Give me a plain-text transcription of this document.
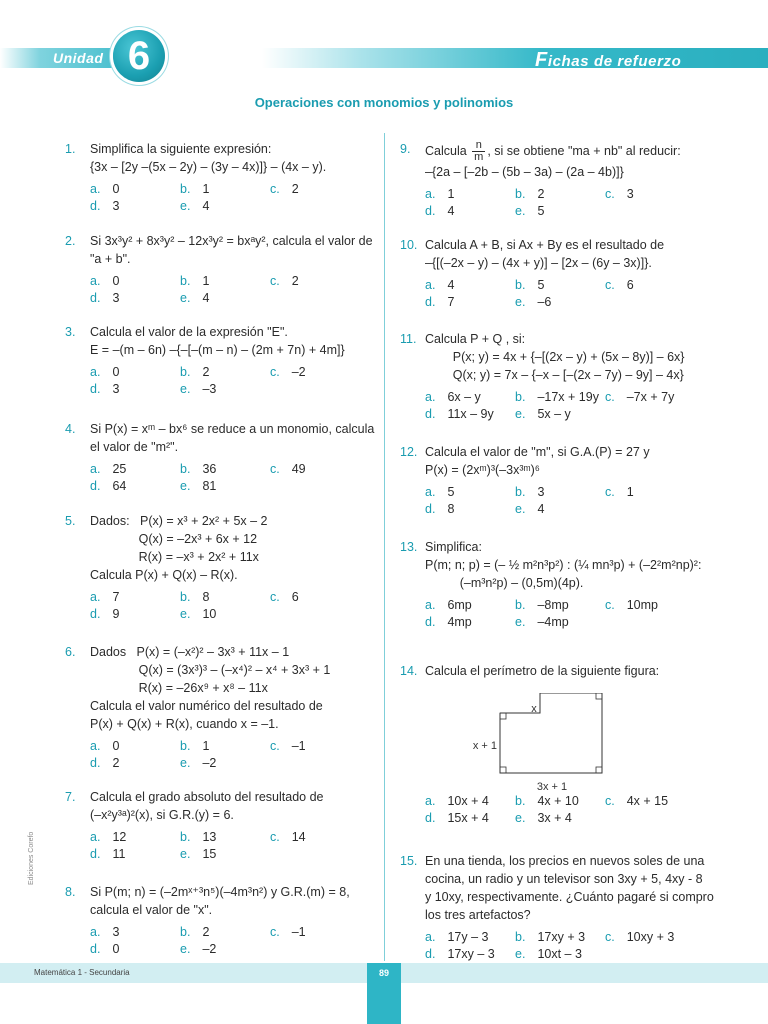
Unidad 6	Fichas de refuerzo
Operaciones con monomios y polinomios
1. Simplifica la siguiente expresión:
{3x – [2y –(5x – 2y) – (3y – 4x)]} – (4x – y).
a. 0	b. 1	c. 2
d. 3	e. 4
2. Si 3x³y² + 8x³y² – 12x³y² = bxᵃy², calcula el valor de
"a + b".
a. 0	b. 1	c. 2
d. 3	e. 4
3. Calcula el valor de la expresión "E".
E = –(m – 6n) –{–[–(m – n) – (2m + 7n) + 4m]}
a. 0	b. 2	c. –2
d. 3	e. –3
4. Si P(x) = xᵐ – bx⁶ se reduce a un monomio, calcula
el valor de "m²".
a. 25	b. 36	c. 49
d. 64	e. 81
5. Dados:   P(x) = x³ + 2x² + 5x – 2
Q(x) = –2x³ + 6x + 12
R(x) = –x³ + 2x² + 11x
Calcula P(x) + Q(x) – R(x).
a. 7	b. 8	c. 6
d. 9	e. 10
6. Dados   P(x) = (–x²)² – 3x³ + 11x – 1
Q(x) = (3x³)³ – (–x⁴)² – x⁴ + 3x³ + 1
R(x) = –26x⁹ + x⁸ – 11x
Calcula el valor numérico del resultado de
P(x) + Q(x) + R(x), cuando x = –1.
a. 0	b. 1	c. –1
d. 2	e. –2
7. Calcula el grado absoluto del resultado de
(–x²y³ᵃ)²(x), si G.R.(y) = 6.
a. 12	b. 13	c. 14
d. 11	e. 15
8. Si P(m; n) = (–2mˣ⁺³n⁵)(–4m³n²) y G.R.(m) = 8,
calcula el valor de "x".
a. 3	b. 2	c. –1
d. 0	e. –2
9. Calcula $\frac{n}{m}$ , si se obtiene "ma + nb" al reducir:
–{2a – [–2b – (5b – 3a) – (2a – 4b)]}
a. 1	b. 2	c. 3
d. 4	e. 5
10. Calcula A + B, si Ax + By es el resultado de
–{[(–2x – y) – (4x + y)] – [2x – (6y – 3x)]}.
a. 4	b. 5	c. 6
d. 7	e. –6
11. Calcula P + Q , si:
P(x; y) = 4x + {–[(2x – y) + (5x – 8y)] – 6x}
Q(x; y) = 7x – {–x – [–(2x – 7y) – 9y] – 4x}
a. 6x – y	b. –17x + 19y c. –7x + 7y
d. 11x – 9y e. 5x – y
12. Calcula el valor de "m", si G.A.(P) = 27 y
P(x) = (2xᵐ)³(–3x³ᵐ)⁶
a. 5	b. 3	c. 1
d. 8	e. 4
13. Simplifica:
P(m; n; p) = (– ½ m²n³p²) : (¼ mn³p) + (–2²m²np)²:
(–m³n²p) – (0,5m)(4p).
a. 6mp	b. –8mp	c. 10mp
d. 4mp	e. –4mp
14. Calcula el perímetro de la siguiente figura:
a. 10x + 4 b. 4x + 10 c. 4x + 15
d. 15x + 4 e. 3x + 4
15. En una tienda, los precios en nuevos soles de una
cocina, un radio y un televisor son 3xy + 5, 4xy - 8
y 10xy, respectivamente. ¿Cuánto pagaré si compro
los tres artefactos?
a. 17y – 3 b. 17xy + 3 c. 10xy + 3
d. 17xy – 3 e. 10xt – 3
x
x + 1
3x + 1
Ediciones Corefo
Matemática 1 - Secundaria	89
